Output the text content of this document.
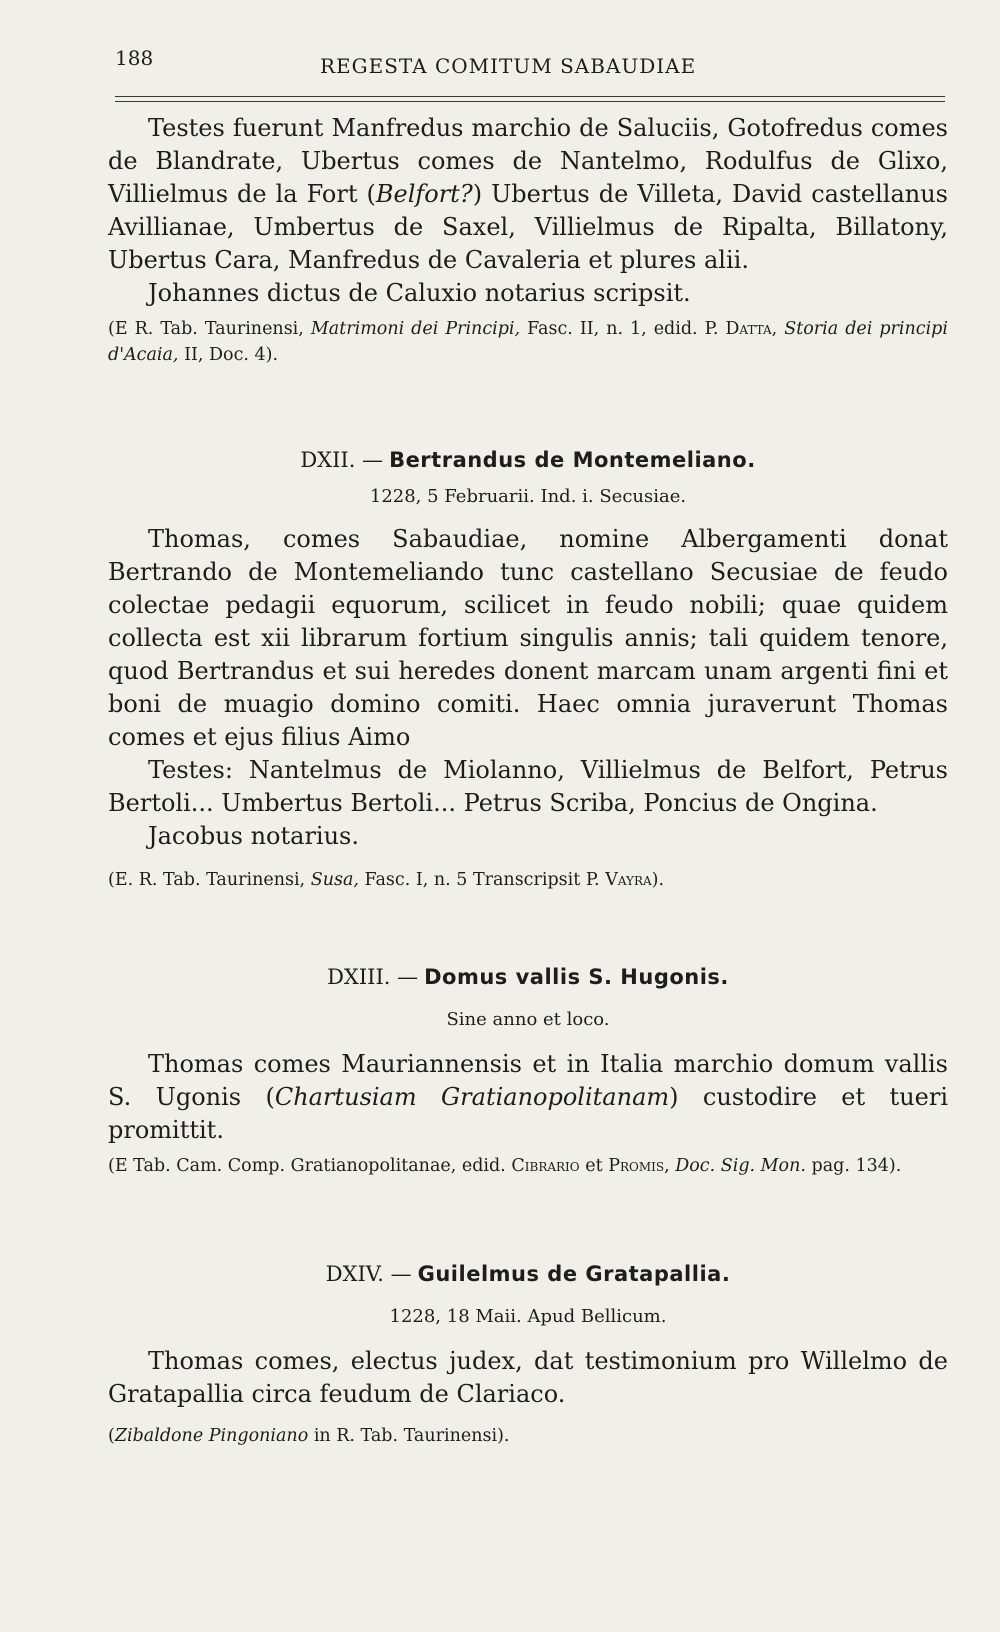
188	REGESTA COMITUM SABAUDIAE

Testes fuerunt Manfredus marchio de Saluciis, Gotofredus comes de Blandrate, Ubertus comes de Nantelmo, Rodulfus de Glixo, Villielmus de la Fort (Belfort?) Ubertus de Villeta, David castellanus Avillianae, Umbertus de Saxel, Villielmus de Ripalta, Billatony, Ubertus Cara, Manfredus de Cavaleria et plures alii.

Johannes dictus de Caluxio notarius scripsit.

(E R. Tab. Taurinensi, Matrimoni dei Principi, Fasc. II, n. 1, edid. P. Datta, Storia dei principi d'Acaia, II, Doc. 4).

DXII. — Bertrandus de Montemeliano.

1228, 5 Februarii. Ind. i. Secusiae.

Thomas, comes Sabaudiae, nomine Albergamenti donat Bertrando de Montemeliando tunc castellano Secusiae de feudo colectae pedagii equorum, scilicet in feudo nobili; quae quidem collecta est xii librarum fortium singulis annis; tali quidem tenore, quod Bertrandus et sui heredes donent marcam unam argenti fini et boni de muagio domino comiti. Haec omnia juraverunt Thomas comes et ejus filius Aimo

Testes: Nantelmus de Miolanno, Villielmus de Belfort, Petrus Bertoli... Umbertus Bertoli... Petrus Scriba, Poncius de Ongina.

Jacobus notarius.

(E. R. Tab. Taurinensi, Susa, Fasc. I, n. 5 Transcripsit P. Vayra).

DXIII. — Domus vallis S. Hugonis.

Sine anno et loco.

Thomas comes Mauriannensis et in Italia marchio domum vallis S. Ugonis (Chartusiam Gratianopolitanam) custodire et tueri promittit.

(E Tab. Cam. Comp. Gratianopolitanae, edid. Cibrario et Promis, Doc. Sig. Mon. pag. 134).

DXIV. — Guilelmus de Gratapallia.

1228, 18 Maii. Apud Bellicum.

Thomas comes, electus judex, dat testimonium pro Willelmo de Gratapallia circa feudum de Clariaco.

(Zibaldone Pingoniano in R. Tab. Taurinensi).
